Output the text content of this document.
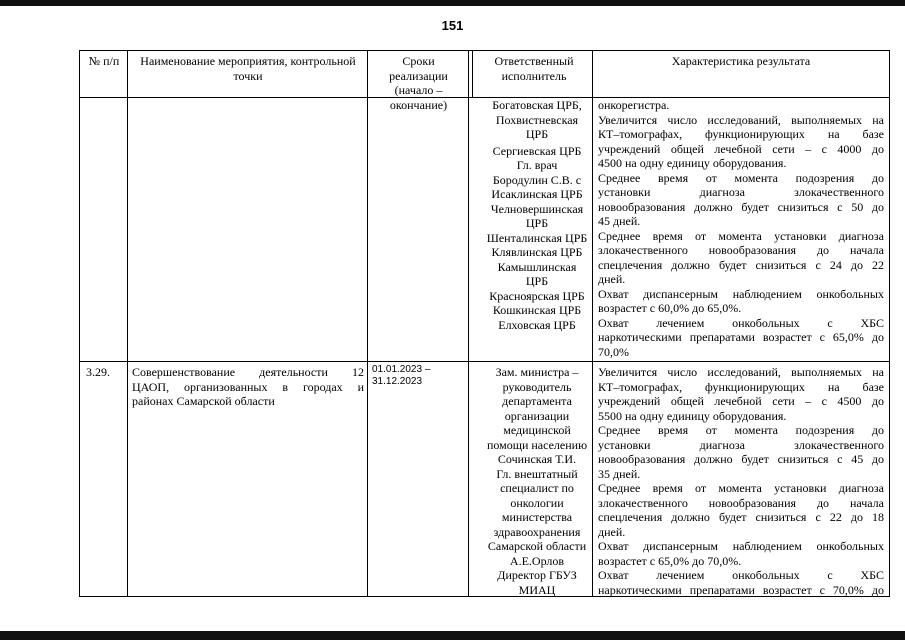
151
№ п/п	Наименование мероприятия, контрольной точки
Сроки реализации (начало – окончание)
Ответственный исполнитель
Характеристика результата
Богатовская ЦРБ,
Похвистневская
ЦРБ

Сергиевская ЦРБ
Гл. врач
Бородулин С.В. с
Исаклинская ЦРБ
Челновершинская
ЦРБ
Шенталинская ЦРБ
Клявлинская ЦРБ
Камышлинская
ЦРБ
Красноярская ЦРБ
Кошкинская ЦРБ
Елховская ЦРБ
онкорегистра.
Увеличится число исследований, выполняемых на
КТ–томографах, функционирующих на базе
учреждений общей лечебной сети – с 4000 до
4500 на одну единицу оборудования.
Среднее время от момента подозрения до
установки диагноза злокачественного
новообразования должно будет снизиться с 50 до
45 дней.
Среднее время от момента установки диагноза
злокачественного новообразования до начала
спецлечения должно будет снизиться с 24 до 22
дней.
Охват диспансерным наблюдением онкобольных
возрастет с 60,0% до 65,0%.
Охват лечением онкобольных с ХБС
наркотическими препаратами возрастет с 65,0% до
70,0%
3.29.	Совершенствование деятельности 12
ЦАОП, организованных в городах и
районах Самарской области
01.01.2023 –
31.12.2023
Зам. министра –
руководитель
департамента
организации
медицинской
помощи населению
Сочинская Т.И.
Гл. внештатный
специалист по
онкологии
министерства
здравоохранения
Самарской области
А.Е.Орлов
Директор ГБУЗ
МИАЦ
Увеличится число исследований, выполняемых на
КТ–томографах, функционирующих на базе
учреждений общей лечебной сети – с 4500 до
5500 на одну единицу оборудования.
Среднее время от момента подозрения до
установки диагноза злокачественного
новообразования должно будет снизиться с 45 до
35 дней.
Среднее время от момента установки диагноза
злокачественного новообразования до начала
спецлечения должно будет снизиться с 22 до 18
дней.
Охват диспансерным наблюдением онкобольных
возрастет с 65,0% до 70,0%.
Охват лечением онкобольных с ХБС
наркотическими препаратами возрастет с 70,0% до
